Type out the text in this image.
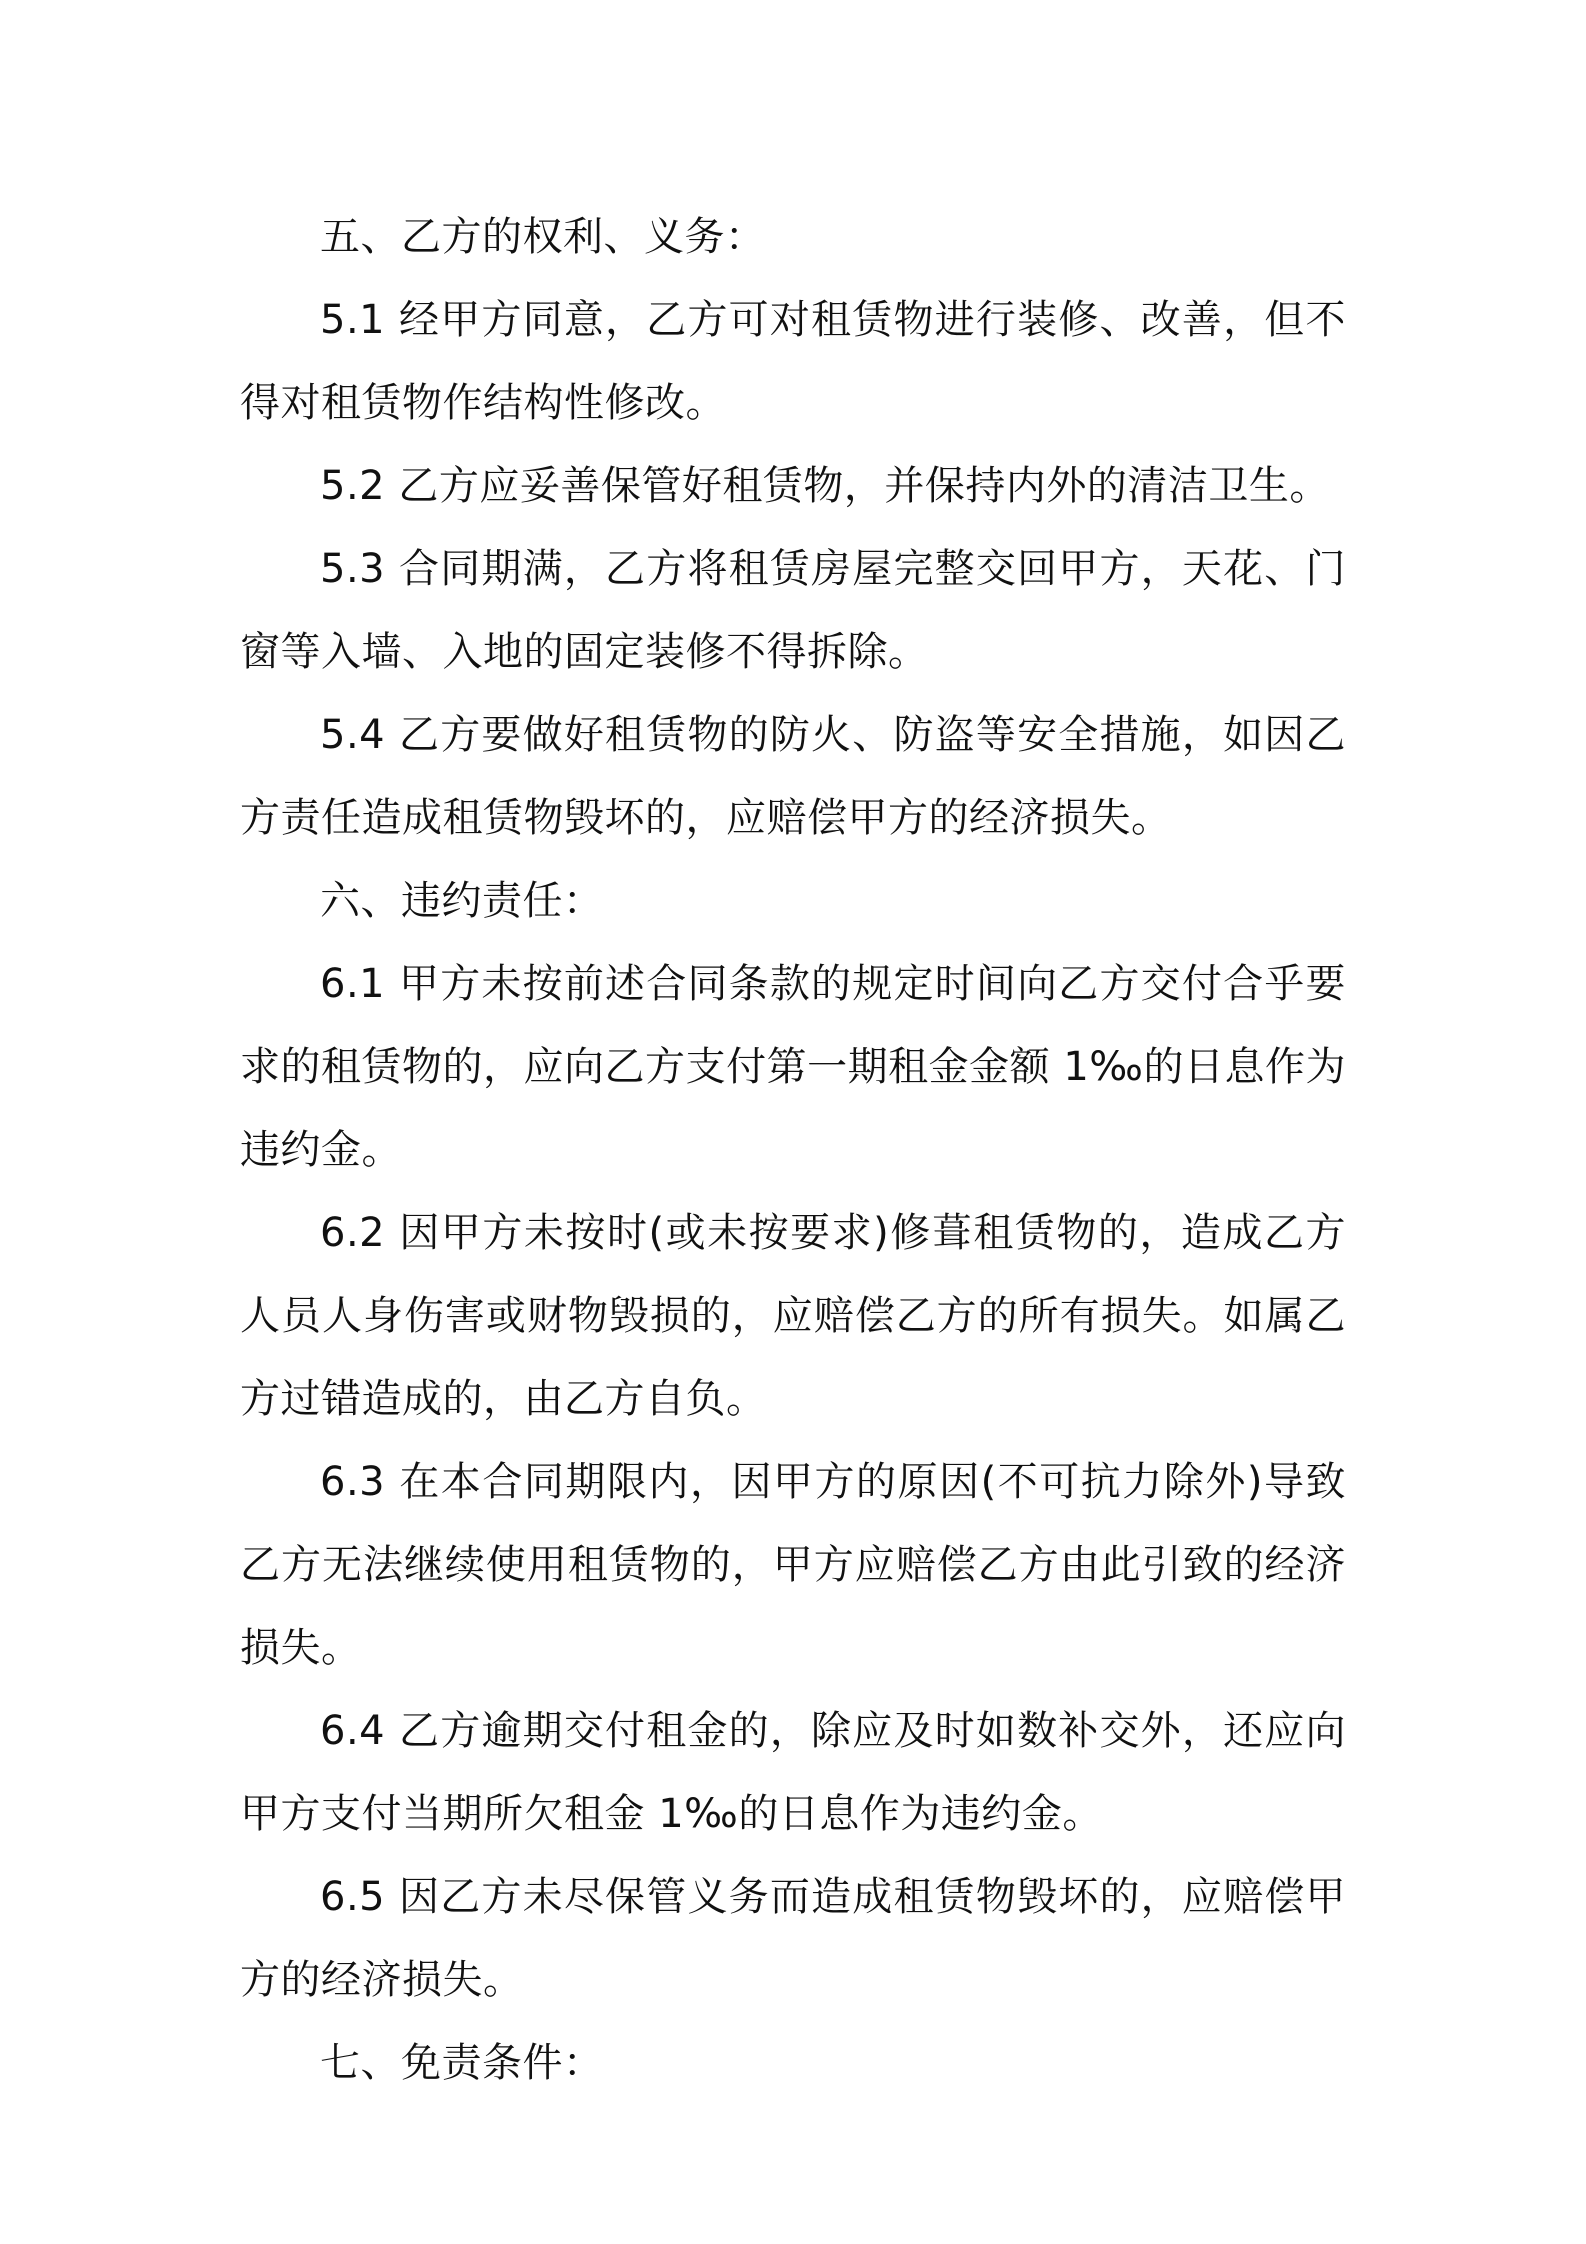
五、乙方的权利、义务：

5.1 经甲方同意，乙方可对租赁物进行装修、改善，但不得对租赁物作结构性修改。

5.2 乙方应妥善保管好租赁物，并保持内外的清洁卫生。

5.3 合同期满，乙方将租赁房屋完整交回甲方，天花、门窗等入墙、入地的固定装修不得拆除。

5.4 乙方要做好租赁物的防火、防盗等安全措施，如因乙方责任造成租赁物毁坏的，应赔偿甲方的经济损失。

六、违约责任：

6.1 甲方未按前述合同条款的规定时间向乙方交付合乎要求的租赁物的，应向乙方支付第一期租金金额 1‰的日息作为违约金。

6.2 因甲方未按时(或未按要求)修葺租赁物的，造成乙方人员人身伤害或财物毁损的，应赔偿乙方的所有损失。如属乙方过错造成的，由乙方自负。

6.3 在本合同期限内，因甲方的原因(不可抗力除外)导致乙方无法继续使用租赁物的，甲方应赔偿乙方由此引致的经济损失。

6.4 乙方逾期交付租金的，除应及时如数补交外，还应向甲方支付当期所欠租金 1‰的日息作为违约金。

6.5 因乙方未尽保管义务而造成租赁物毁坏的，应赔偿甲方的经济损失。

七、免责条件：
